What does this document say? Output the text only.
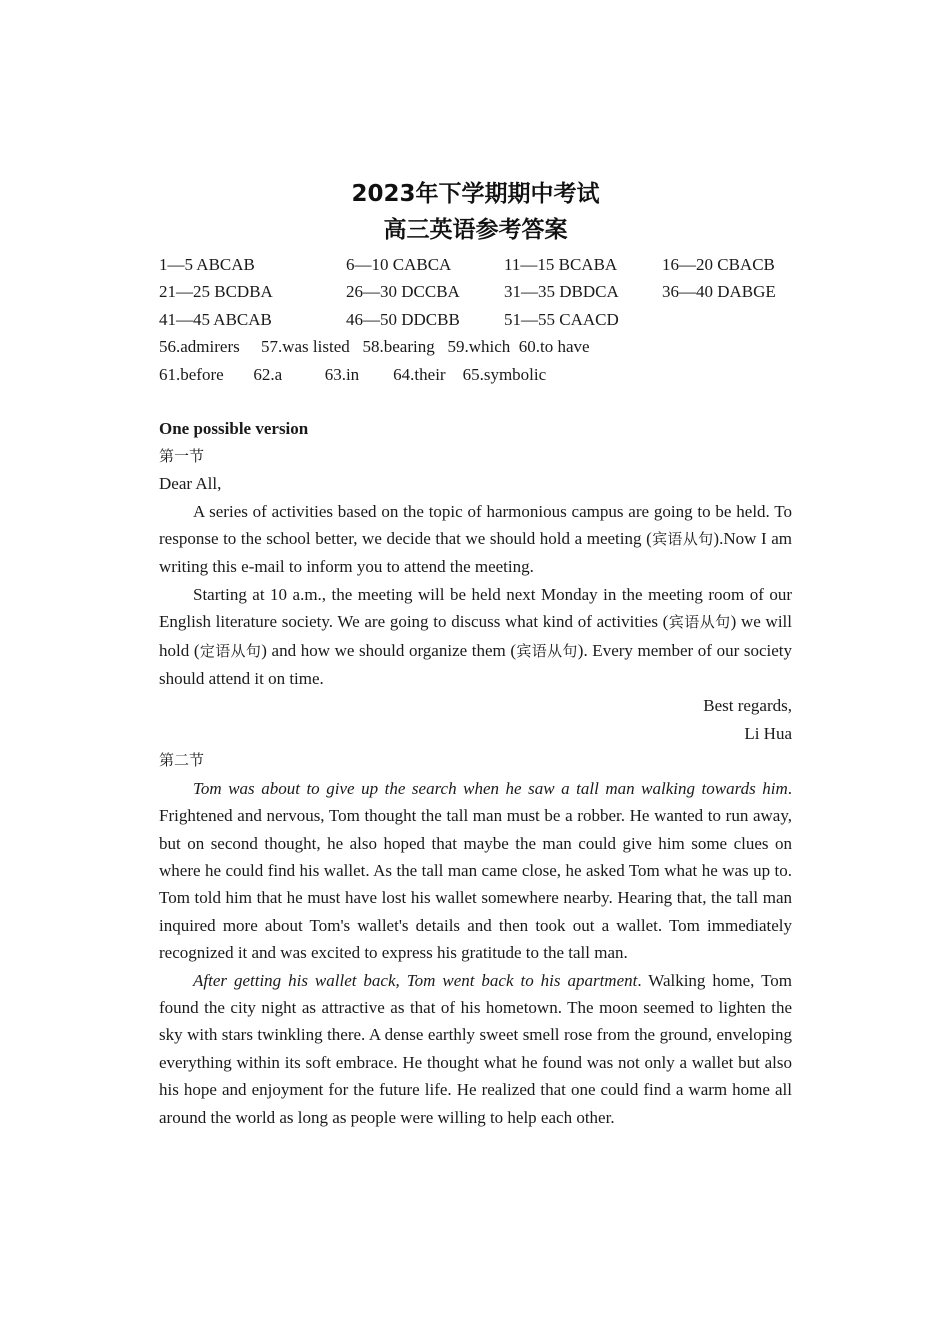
2023年下学期期中考试
高三英语参考答案
1—5 ABCAB	6—10 CABCA	11—15 BCABA	16—20 CBACB
21—25 BCDBA	26—30 DCCBA	31—35 DBDCA	36—40 DABGE
41—45 ABCAB	46—50 DDCBB	51—55 CAACD
56.admirers     57.was listed   58.bearing   59.which  60.to have
61.before       62.a          63.in        64.their    65.symbolic
One possible version
第一节
Dear All,

A series of activities based on the topic of harmonious campus are going to be held. To response to the school better, we decide that we should hold a meeting (宾语从句).Now I am writing this e-mail to inform you to attend the meeting.

Starting at 10 a.m., the meeting will be held next Monday in the meeting room of our English literature society. We are going to discuss what kind of activities (宾语从句) we will hold (定语从句) and how we should organize them (宾语从句). Every member of our society should attend it on time.

Best regards,
Li Hua
第二节

Tom was about to give up the search when he saw a tall man walking towards him. Frightened and nervous, Tom thought the tall man must be a robber. He wanted to run away, but on second thought, he also hoped that maybe the man could give him some clues on where he could find his wallet. As the tall man came close, he asked Tom what he was up to. Tom told him that he must have lost his wallet somewhere nearby. Hearing that, the tall man inquired more about Tom's wallet's details and then took out a wallet. Tom immediately recognized it and was excited to express his gratitude to the tall man.

After getting his wallet back, Tom went back to his apartment. Walking home, Tom found the city night as attractive as that of his hometown. The moon seemed to lighten the sky with stars twinkling there. A dense earthly sweet smell rose from the ground, enveloping everything within its soft embrace. He thought what he found was not only a wallet but also his hope and enjoyment for the future life. He realized that one could find a warm home all around the world as long as people were willing to help each other.
